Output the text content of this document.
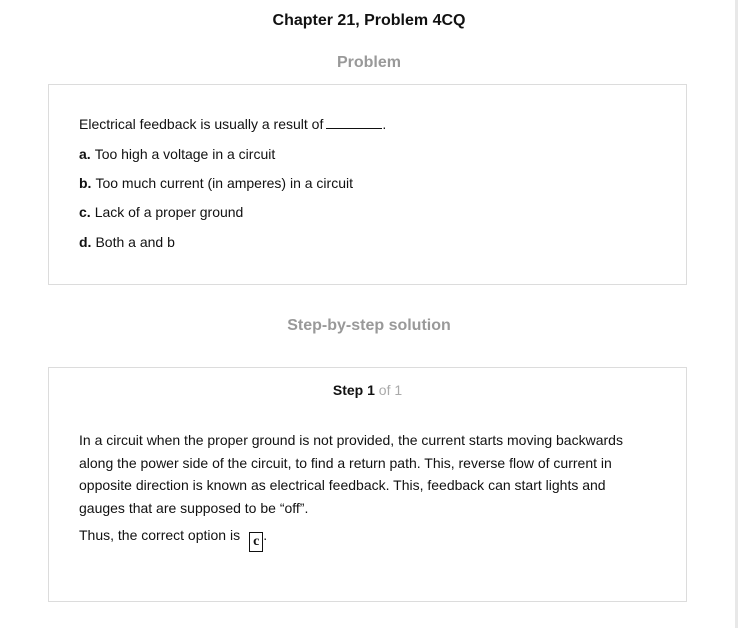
Chapter 21, Problem 4CQ
Problem
Electrical feedback is usually a result of	.
a. Too high a voltage in a circuit
b. Too much current (in amperes) in a circuit
c. Lack of a proper ground
d. Both a and b
Step-by-step solution
Step 1 of 1

In a circuit when the proper ground is not provided, the current starts moving backwards along the power side of the circuit, to find a return path. This, reverse flow of current in opposite direction is known as electrical feedback. This, feedback can start lights and gauges that are supposed to be “off”.

Thus, the correct option is c .
